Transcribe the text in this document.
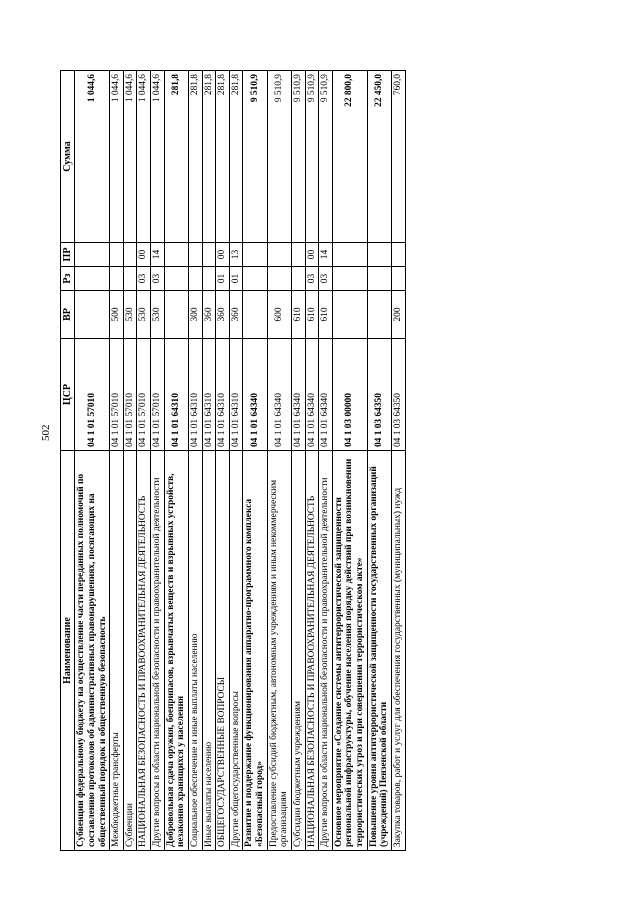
502
Наименование	ЦСР	ВР	Рз	ПР	Сумма
Субвенции федеральному бюджету на осуществление части переданных полномочий по составлению протоколов об административных правонарушениях, посягающих на общественный порядок и общественную безопасность	04 1 01 57010				1 044,6
Межбюджетные трансферты	04 1 01 57010	500			1 044,6
Субвенции	04 1 01 57010	530			1 044,6
НАЦИОНАЛЬНАЯ БЕЗОПАСНОСТЬ И ПРАВООХРАНИТЕЛЬНАЯ ДЕЯТЕЛЬНОСТЬ	04 1 01 57010	530	03	00	1 044,6
Другие вопросы в области национальной безопасности и правоохранительной деятельности	04 1 01 57010	530	03	14	1 044,6
Добровольная сдача оружия, боеприпасов, взрывчатых веществ и взрывных устройств, незаконно хранящихся у населения	04 1 01 64310				281,8
Социальное обеспечение и иные выплаты населению	04 1 01 64310	300			281,8
Иные выплаты населению	04 1 01 64310	360			281,8
ОБЩЕГОСУДАРСТВЕННЫЕ ВОПРОСЫ	04 1 01 64310	360	01	00	281,8
Другие общегосударственные вопросы	04 1 01 64310	360	01	13	281,8
Развитие и поддержание функционирования аппаратно-программного комплекса «Безопасный город»	04 1 01 64340				9 510,9
Предоставление субсидий бюджетным, автономным учреждениям и иным некоммерческим организациям	04 1 01 64340	600			9 510,9
Субсидии бюджетным учреждениям	04 1 01 64340	610			9 510,9
НАЦИОНАЛЬНАЯ БЕЗОПАСНОСТЬ И ПРАВООХРАНИТЕЛЬНАЯ ДЕЯТЕЛЬНОСТЬ	04 1 01 64340	610	03	00	9 510,9
Другие вопросы в области национальной безопасности и правоохранительной деятельности	04 1 01 64340	610	03	14	9 510,9
Основное мероприятие «Создание системы антитеррористической защищенности региональной инфраструктуры, обучение населения порядку действий при возникновении террористических угроз и при совершении террористическом акте»	04 1 03 00000				22 800,0
Повышение уровня антитеррористической защищенности государственных организаций (учреждений) Пензенской области	04 1 03 64350				22 450,0
Закупка товаров, работ и услуг для обеспечения государственных (муниципальных) нужд	04 1 03 64350	200			760,0
